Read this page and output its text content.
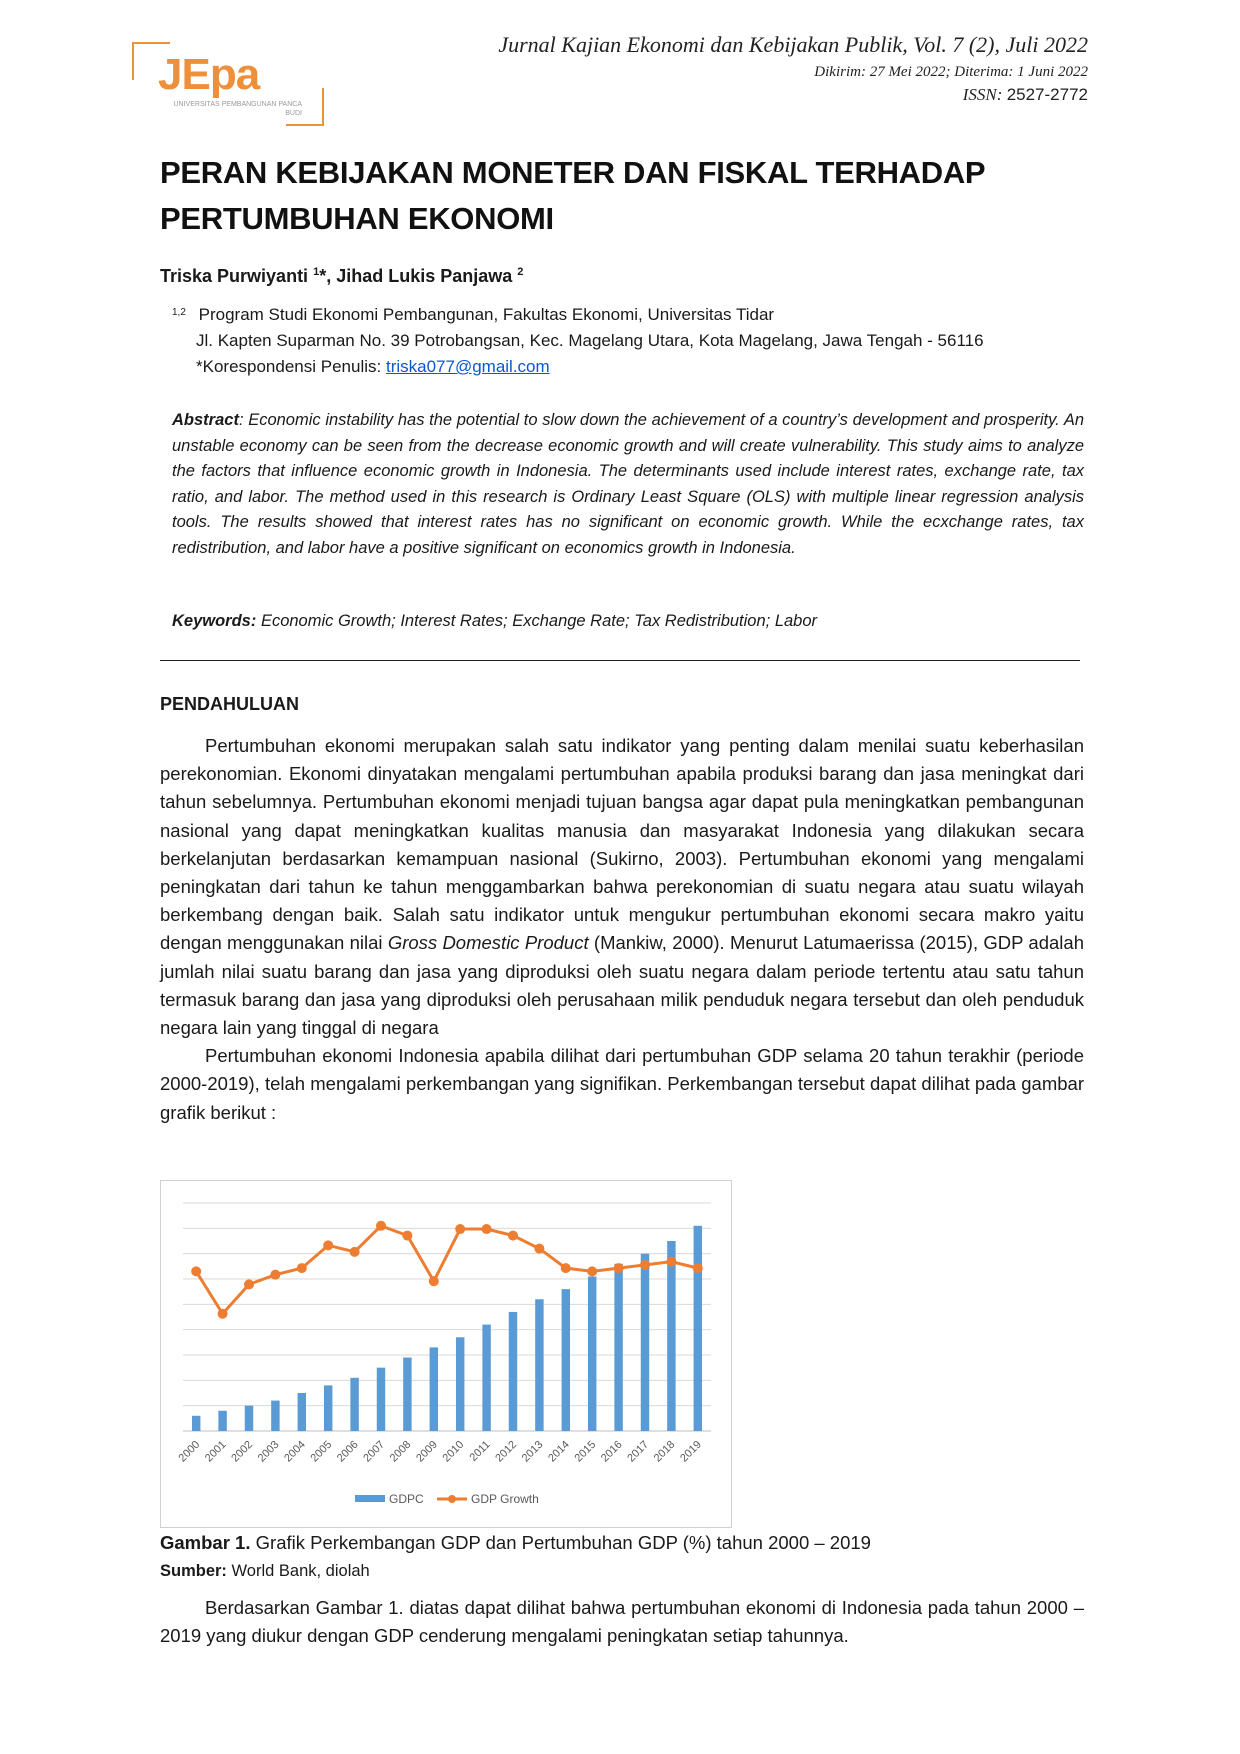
JEpa
UNIVERSITAS PEMBANGUNAN PANCA BUDI
Jurnal Kajian Ekonomi dan Kebijakan Publik, Vol. 7 (2), Juli 2022
Dikirim: 27 Mei 2022; Diterima: 1 Juni 2022
ISSN: 2527-2772
PERAN KEBIJAKAN MONETER DAN FISKAL TERHADAP
PERTUMBUHAN EKONOMI
Triska Purwiyanti $^1$*, Jihad Lukis Panjawa $^2$
$^{1,2}$ Program Studi Ekonomi Pembangunan, Fakultas Ekonomi, Universitas Tidar
Jl. Kapten Suparman No. 39 Potrobangsan, Kec. Magelang Utara, Kota Magelang, Jawa Tengah - 56116
*Korespondensi Penulis: triska077@gmail.com
Abstract: Economic instability has the potential to slow down the achievement of a country’s development and prosperity. An unstable economy can be seen from the decrease economic growth and will create vulnerability. This study aims to analyze the factors that influence economic growth in Indonesia. The determinants used include interest rates, exchange rate, tax ratio, and labor. The method used in this research is Ordinary Least Square (OLS) with multiple linear regression analysis tools. The results showed that interest rates has no significant on economic growth. While the ecxchange rates, tax redistribution, and labor have a positive significant on economics growth in Indonesia.
Keywords: Economic Growth; Interest Rates; Exchange Rate; Tax Redistribution; Labor
PENDAHULUAN

Pertumbuhan ekonomi merupakan salah satu indikator yang penting dalam menilai suatu keberhasilan perekonomian. Ekonomi dinyatakan mengalami pertumbuhan apabila produksi barang dan jasa meningkat dari tahun sebelumnya. Pertumbuhan ekonomi menjadi tujuan bangsa agar dapat pula meningkatkan pembangunan nasional yang dapat meningkatkan kualitas manusia dan masyarakat Indonesia yang dilakukan secara berkelanjutan berdasarkan kemampuan nasional (Sukirno, 2003). Pertumbuhan ekonomi yang mengalami peningkatan dari tahun ke tahun menggambarkan bahwa perekonomian di suatu negara atau suatu wilayah berkembang dengan baik. Salah satu indikator untuk mengukur pertumbuhan ekonomi secara makro yaitu dengan menggunakan nilai Gross Domestic Product (Mankiw, 2000). Menurut Latumaerissa (2015), GDP adalah jumlah nilai suatu barang dan jasa yang diproduksi oleh suatu negara dalam periode tertentu atau satu tahun termasuk barang dan jasa yang diproduksi oleh perusahaan milik penduduk negara tersebut dan oleh penduduk negara lain yang tinggal di negara

Pertumbuhan ekonomi Indonesia apabila dilihat dari pertumbuhan GDP selama 20 tahun terakhir (periode 2000-2019), telah mengalami perkembangan yang signifikan. Perkembangan tersebut dapat dilihat pada gambar grafik berikut :

2000 2001 2002 2003 2004 2005 2006 2007 2008 2009 2010 2011 2012 2013 2014 2015 2016 2017 2018 2019
GDPC	GDP Growth
Gambar 1. Grafik Perkembangan GDP dan Pertumbuhan GDP (%) tahun 2000 – 2019
Sumber: World Bank, diolah

Berdasarkan Gambar 1. diatas dapat dilihat bahwa pertumbuhan ekonomi di Indonesia pada tahun 2000 – 2019 yang diukur dengan GDP cenderung mengalami peningkatan setiap tahunnya.
